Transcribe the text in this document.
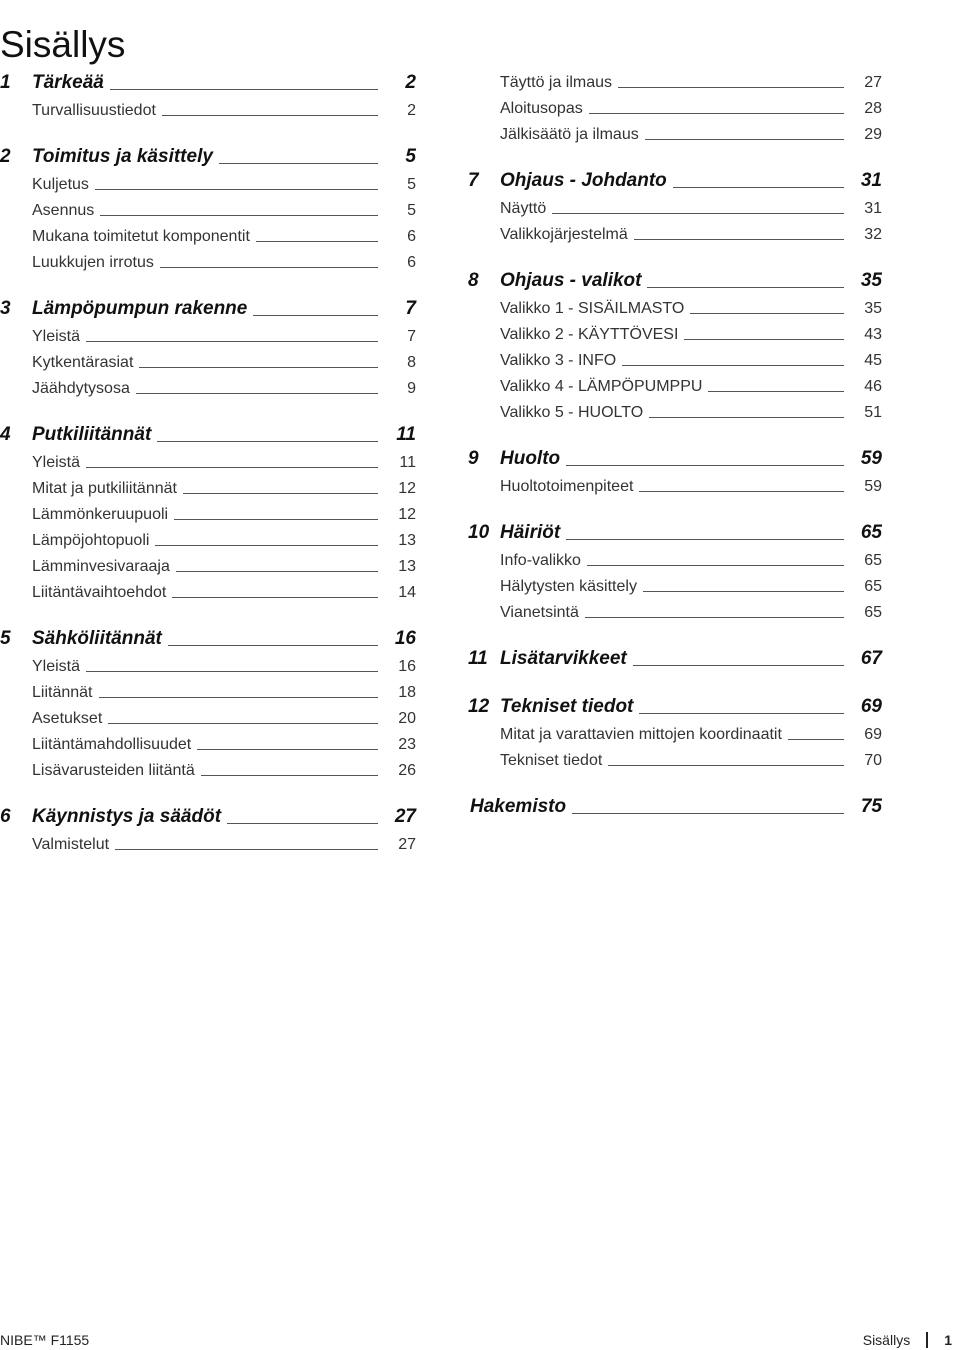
Sisällys
1 Tärkeää	2
Turvallisuustiedot	2
2 Toimitus ja käsittely	5
Kuljetus	5
Asennus	5
Mukana toimitetut komponentit	6
Luukkujen irrotus	6
3 Lämpöpumpun rakenne	7
Yleistä	7
Kytkentärasiat	8
Jäähdytysosa	9
4 Putkiliitännät	11
Yleistä	11
Mitat ja putkiliitännät	12
Lämmönkeruupuoli	12
Lämpöjohtopuoli	13
Lämminvesivaraaja	13
Liitäntävaihtoehdot	14
5 Sähköliitännät	16
Yleistä	16
Liitännät	18
Asetukset	20
Liitäntämahdollisuudet	23
Lisävarusteiden liitäntä	26
6 Käynnistys ja säädöt	27
Valmistelut	27
Täyttö ja ilmaus	27
Aloitusopas	28
Jälkisäätö ja ilmaus	29
7 Ohjaus - Johdanto	31
Näyttö	31
Valikkojärjestelmä	32
8 Ohjaus - valikot	35
Valikko 1 - SISÄILMASTO	35
Valikko 2 - KÄYTTÖVESI	43
Valikko 3 - INFO	45
Valikko 4 - LÄMPÖPUMPPU	46
Valikko 5 - HUOLTO	51
9 Huolto	59
Huoltotoimenpiteet	59
10 Häiriöt	65
Info-valikko	65
Hälytysten käsittely	65
Vianetsintä	65
11 Lisätarvikkeet	67
12 Tekniset tiedot	69
Mitat ja varattavien mittojen koordinaatit	69
Tekniset tiedot	70
Hakemisto	75
NIBE™ F1155	Sisällys 1
